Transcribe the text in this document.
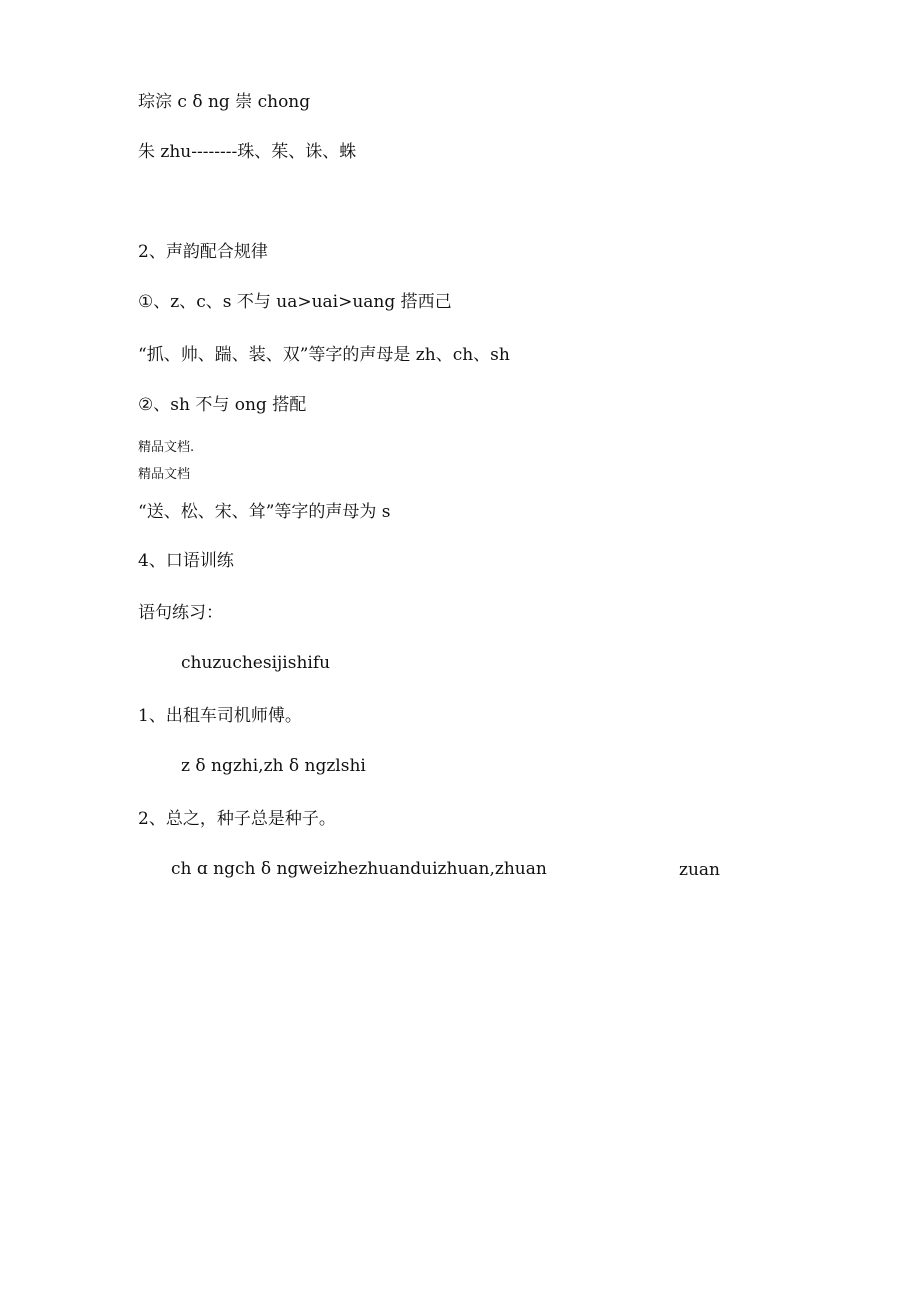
琮淙 c δ ng 崇 chong
朱 zhu--------珠、茱、诛、蛛
2、声韵配合规律
①、z、c、s 不与 ua>uai>uang 搭西己
“抓、帅、踹、装、双”等字的声母是 zh、ch、sh
②、sh 不与 ong 搭配
精品文档.
精品文档
“送、松、宋、耸”等字的声母为 s
4、口语训练
语句练习：
chuzuchesijishifu
1、出租车司机师傅。
z δ ngzhi,zh δ ngzlshi
2、总之，种子总是种子。
ch ɑ ngch δ ngweizhezhuanduizhuan,zhuan	zuan
